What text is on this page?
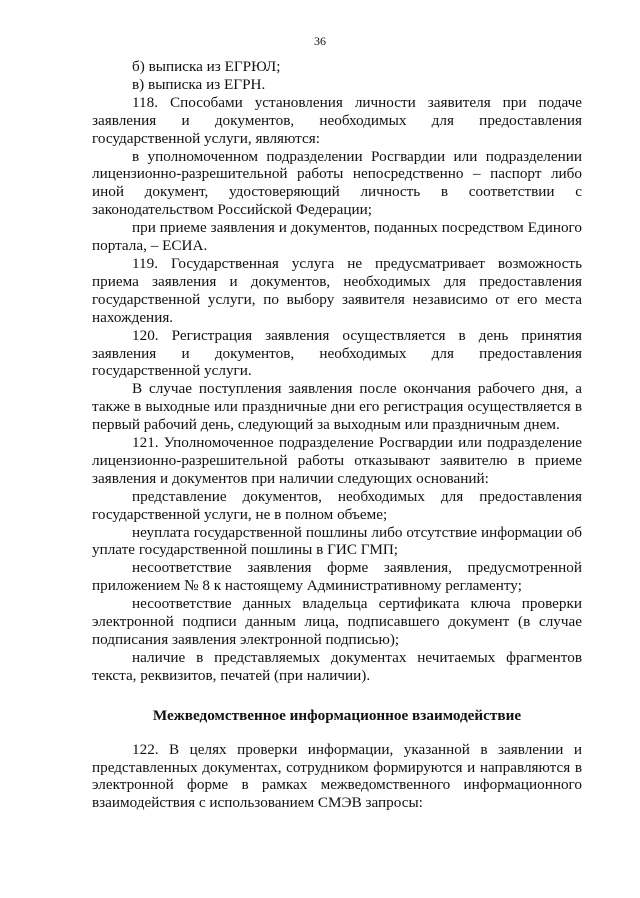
36

б) выписка из ЕГРЮЛ;

в) выписка из ЕГРН.

118. Способами установления личности заявителя при подаче заявления и документов, необходимых для предоставления государственной услуги, являются:

в уполномоченном подразделении Росгвардии или подразделении лицензионно-разрешительной работы непосредственно – паспорт либо иной документ, удостоверяющий личность в соответствии с законодательством Российской Федерации;

при приеме заявления и документов, поданных посредством Единого портала, – ЕСИА.

119. Государственная услуга не предусматривает возможность приема заявления и документов, необходимых для предоставления государственной услуги, по выбору заявителя независимо от его места нахождения.

120. Регистрация заявления осуществляется в день принятия заявления и документов, необходимых для предоставления государственной услуги.

В случае поступления заявления после окончания рабочего дня, а также в выходные или праздничные дни его регистрация осуществляется в первый рабочий день, следующий за выходным или праздничным днем.

121. Уполномоченное подразделение Росгвардии или подразделение лицензионно-разрешительной работы отказывают заявителю в приеме заявления и документов при наличии следующих оснований:

представление документов, необходимых для предоставления государственной услуги, не в полном объеме;

неуплата государственной пошлины либо отсутствие информации об уплате государственной пошлины в ГИС ГМП;

несоответствие заявления форме заявления, предусмотренной приложением № 8 к настоящему Административному регламенту;

несоответствие данных владельца сертификата ключа проверки электронной подписи данным лица, подписавшего документ (в случае подписания заявления электронной подписью);

наличие в представляемых документах нечитаемых фрагментов текста, реквизитов, печатей (при наличии).

Межведомственное информационное взаимодействие

122. В целях проверки информации, указанной в заявлении и представленных документах, сотрудником формируются и направляются в электронной форме в рамках межведомственного информационного взаимодействия с использованием СМЭВ запросы:
